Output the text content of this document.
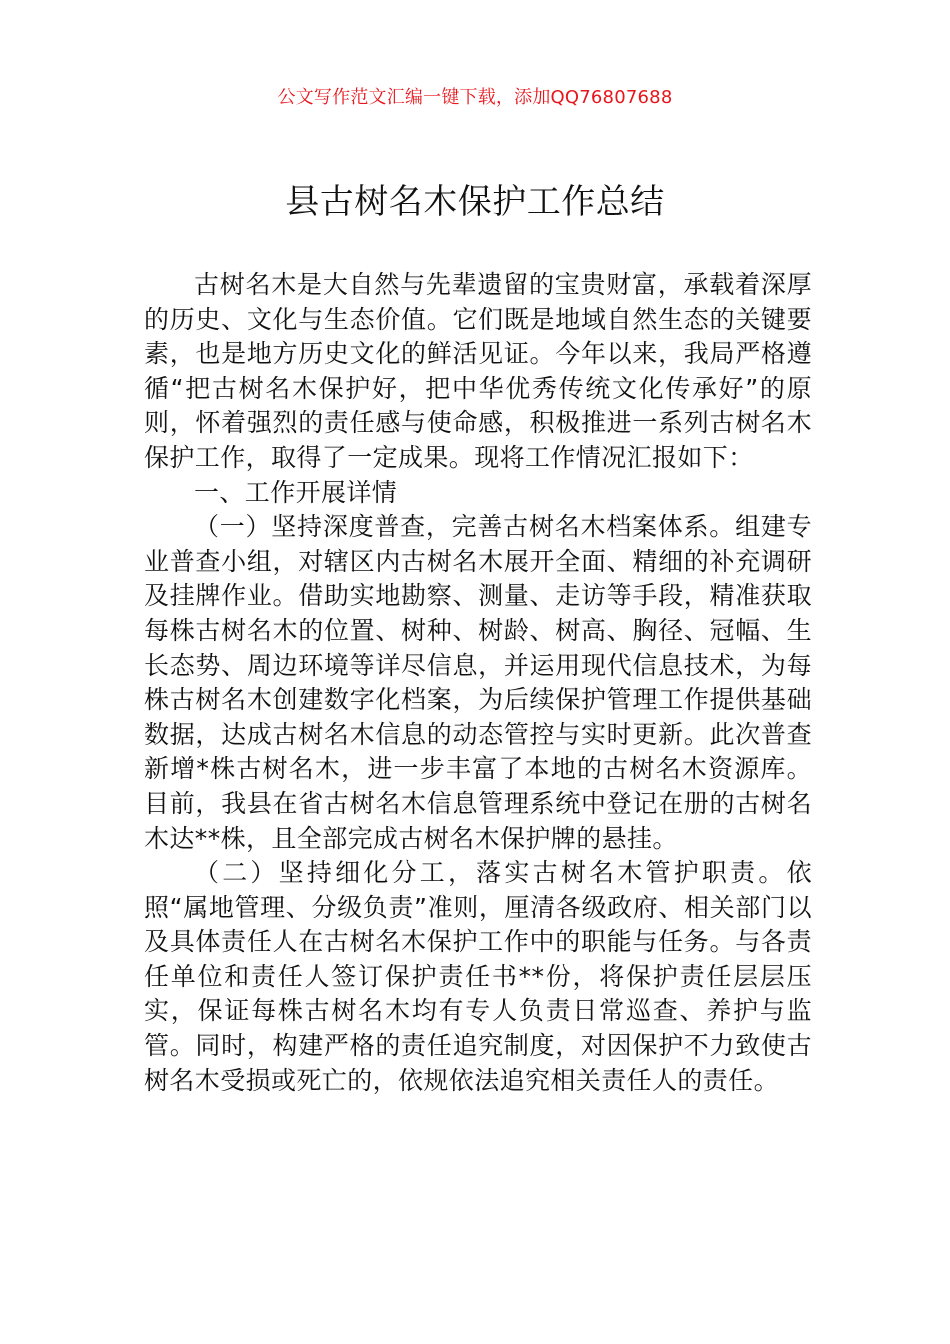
公文写作范文汇编一键下载，添加QQ76807688
县古树名木保护工作总结

古树名木是大自然与先辈遗留的宝贵财富，承载着深厚的历史、文化与生态价值。它们既是地域自然生态的关键要素，也是地方历史文化的鲜活见证。今年以来，我局严格遵循“把古树名木保护好，把中华优秀传统文化传承好”的原则，怀着强烈的责任感与使命感，积极推进一系列古树名木保护工作，取得了一定成果。现将工作情况汇报如下：

一、工作开展详情

（一）坚持深度普查，完善古树名木档案体系。组建专业普查小组，对辖区内古树名木展开全面、精细的补充调研及挂牌作业。借助实地勘察、测量、走访等手段，精准获取每株古树名木的位置、树种、树龄、树高、胸径、冠幅、生长态势、周边环境等详尽信息，并运用现代信息技术，为每株古树名木创建数字化档案，为后续保护管理工作提供基础数据，达成古树名木信息的动态管控与实时更新。此次普查新增*株古树名木，进一步丰富了本地的古树名木资源库。目前，我县在省古树名木信息管理系统中登记在册的古树名木达**株，且全部完成古树名木保护牌的悬挂。

（二）坚持细化分工，落实古树名木管护职责。依照“属地管理、分级负责”准则，厘清各级政府、相关部门以及具体责任人在古树名木保护工作中的职能与任务。与各责任单位和责任人签订保护责任书**份，将保护责任层层压实，保证每株古树名木均有专人负责日常巡查、养护与监管。同时，构建严格的责任追究制度，对因保护不力致使古树名木受损或死亡的，依规依法追究相关责任人的责任。
